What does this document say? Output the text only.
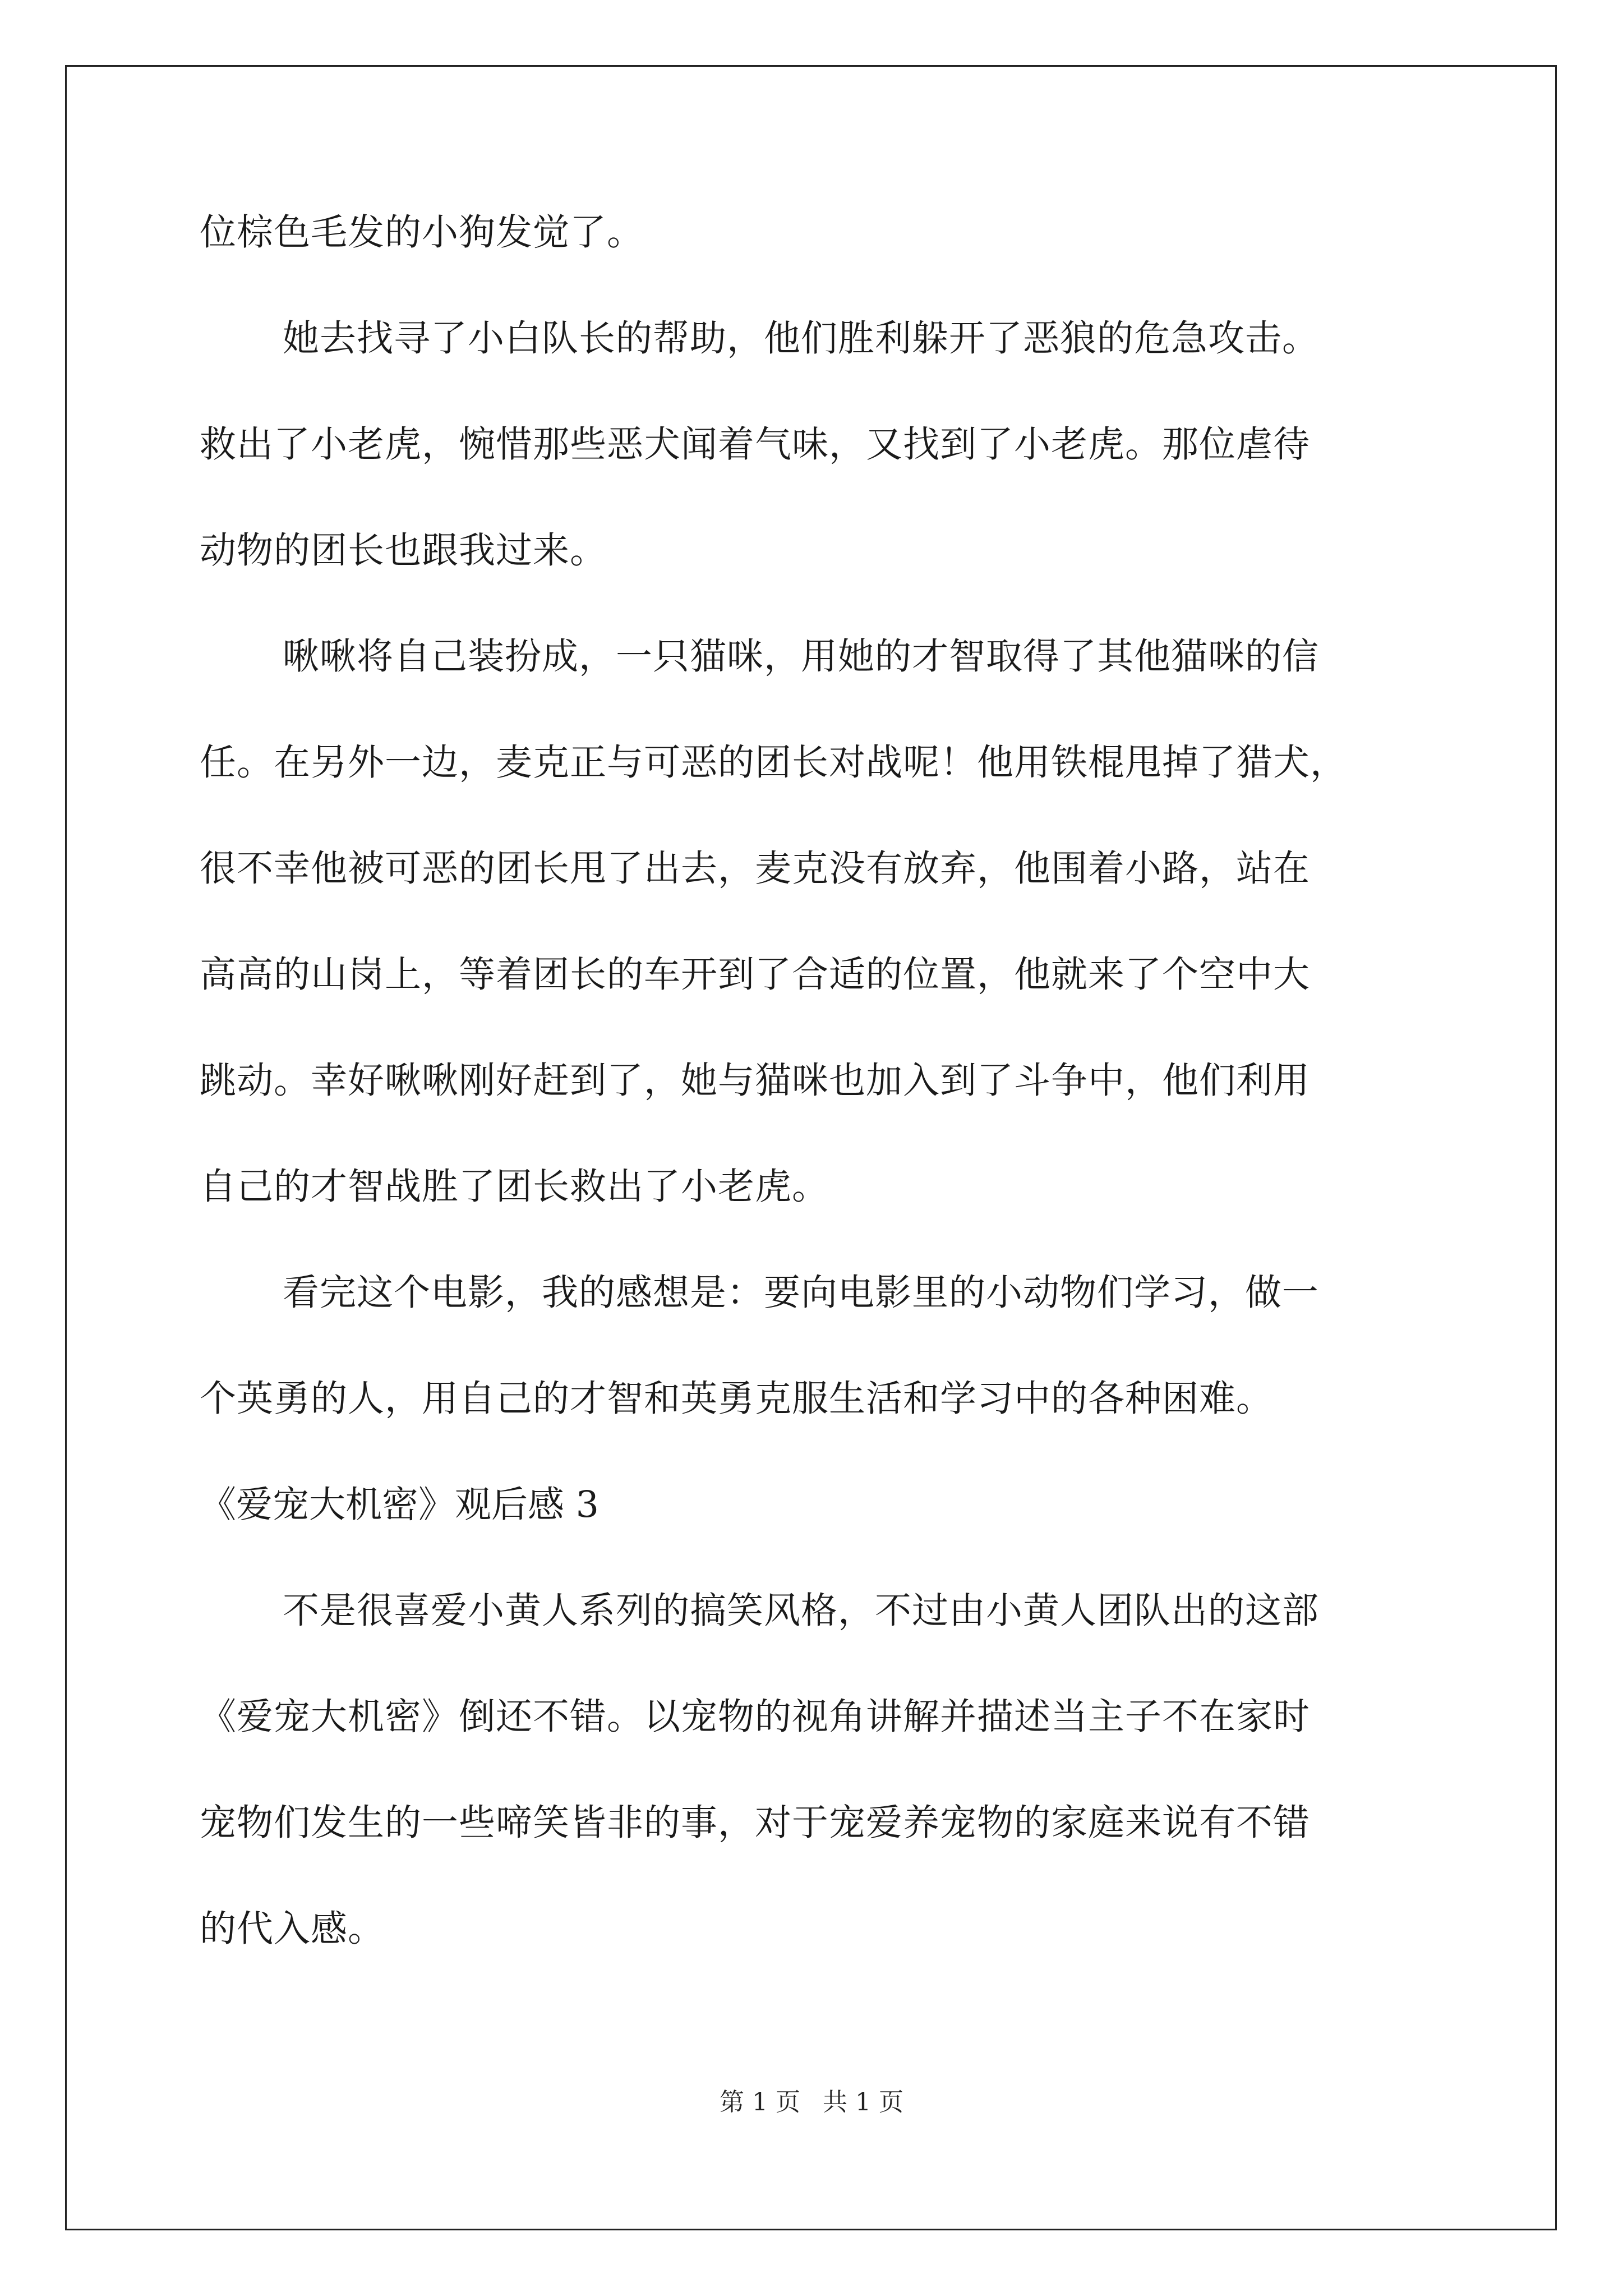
位棕色毛发的小狗发觉了。
她去找寻了小白队长的帮助，他们胜利躲开了恶狼的危急攻击。
救出了小老虎，惋惜那些恶犬闻着气味，又找到了小老虎。那位虐待
动物的团长也跟我过来。
啾啾将自己装扮成，一只猫咪，用她的才智取得了其他猫咪的信
任。在另外一边，麦克正与可恶的团长对战呢！他用铁棍甩掉了猎犬，
很不幸他被可恶的团长甩了出去，麦克没有放弃，他围着小路，站在
高高的山岗上，等着团长的车开到了合适的位置，他就来了个空中大
跳动。幸好啾啾刚好赶到了，她与猫咪也加入到了斗争中，他们利用
自己的才智战胜了团长救出了小老虎。
看完这个电影，我的感想是：要向电影里的小动物们学习，做一
个英勇的人，用自己的才智和英勇克服生活和学习中的各种困难。
《爱宠大机密》观后感 3
不是很喜爱小黄人系列的搞笑风格，不过由小黄人团队出的这部
《爱宠大机密》倒还不错。以宠物的视角讲解并描述当主子不在家时
宠物们发生的一些啼笑皆非的事，对于宠爱养宠物的家庭来说有不错
的代入感。
第 1 页 共 1 页
